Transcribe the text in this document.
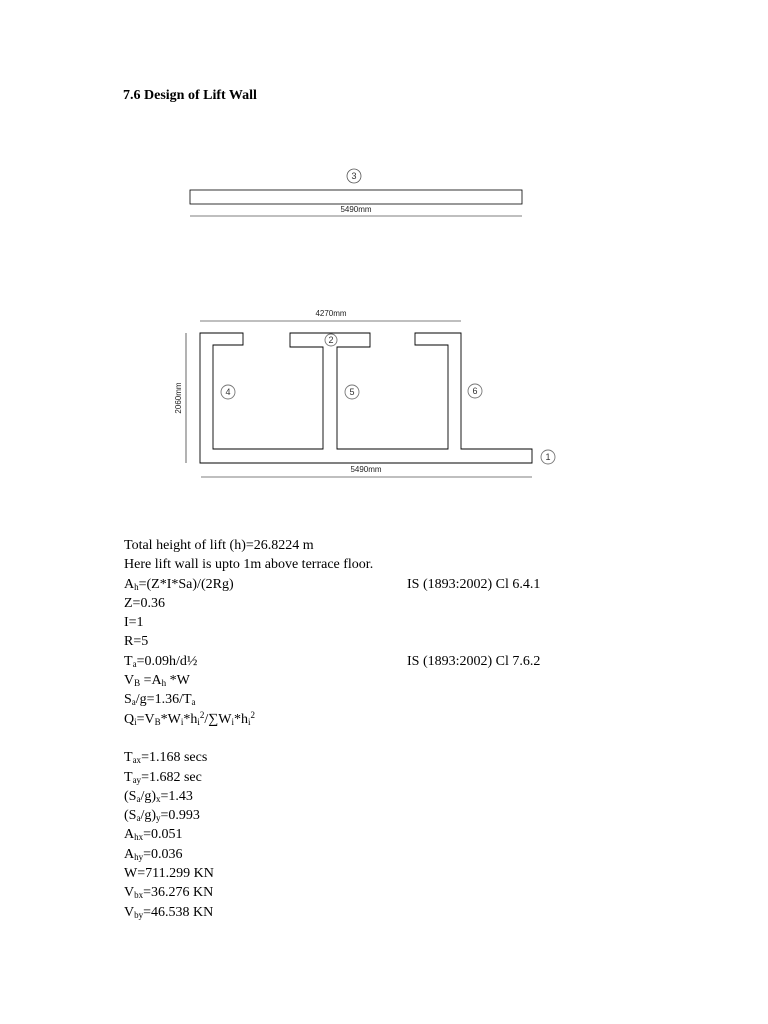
7.6 Design of Lift Wall
3
5490mm
4270mm
2060mm
5490mm
2
4	5	6
1
Total height of lift (h)=26.8224 m
Here lift wall is upto 1m above terrace floor.
$A_h=(Z*I*Sa)/(2Rg)$	IS (1893:2002) Cl 6.4.1
Z=0.36
I=1
R=5
$T_a=0.09h/d\frac{1}{2}$	IS (1893:2002) Cl 7.6.2
$V_B =A_h$ *W
$S_a/g=1.36/T_a$
$Q_i=V_B*W_i*h_i^2/\sum W_i*h_i^2$
$T_{ax}=1.168$ secs
$T_{ay}=1.682$ sec
$(S_a/g)_x=1.43$
$(S_a/g)_y=0.993$
$A_{hx}=0.051$
$A_{hy}=0.036$
W=711.299 KN
$V_{bx}=36.276$ KN
$V_{by}=46.538$ KN
